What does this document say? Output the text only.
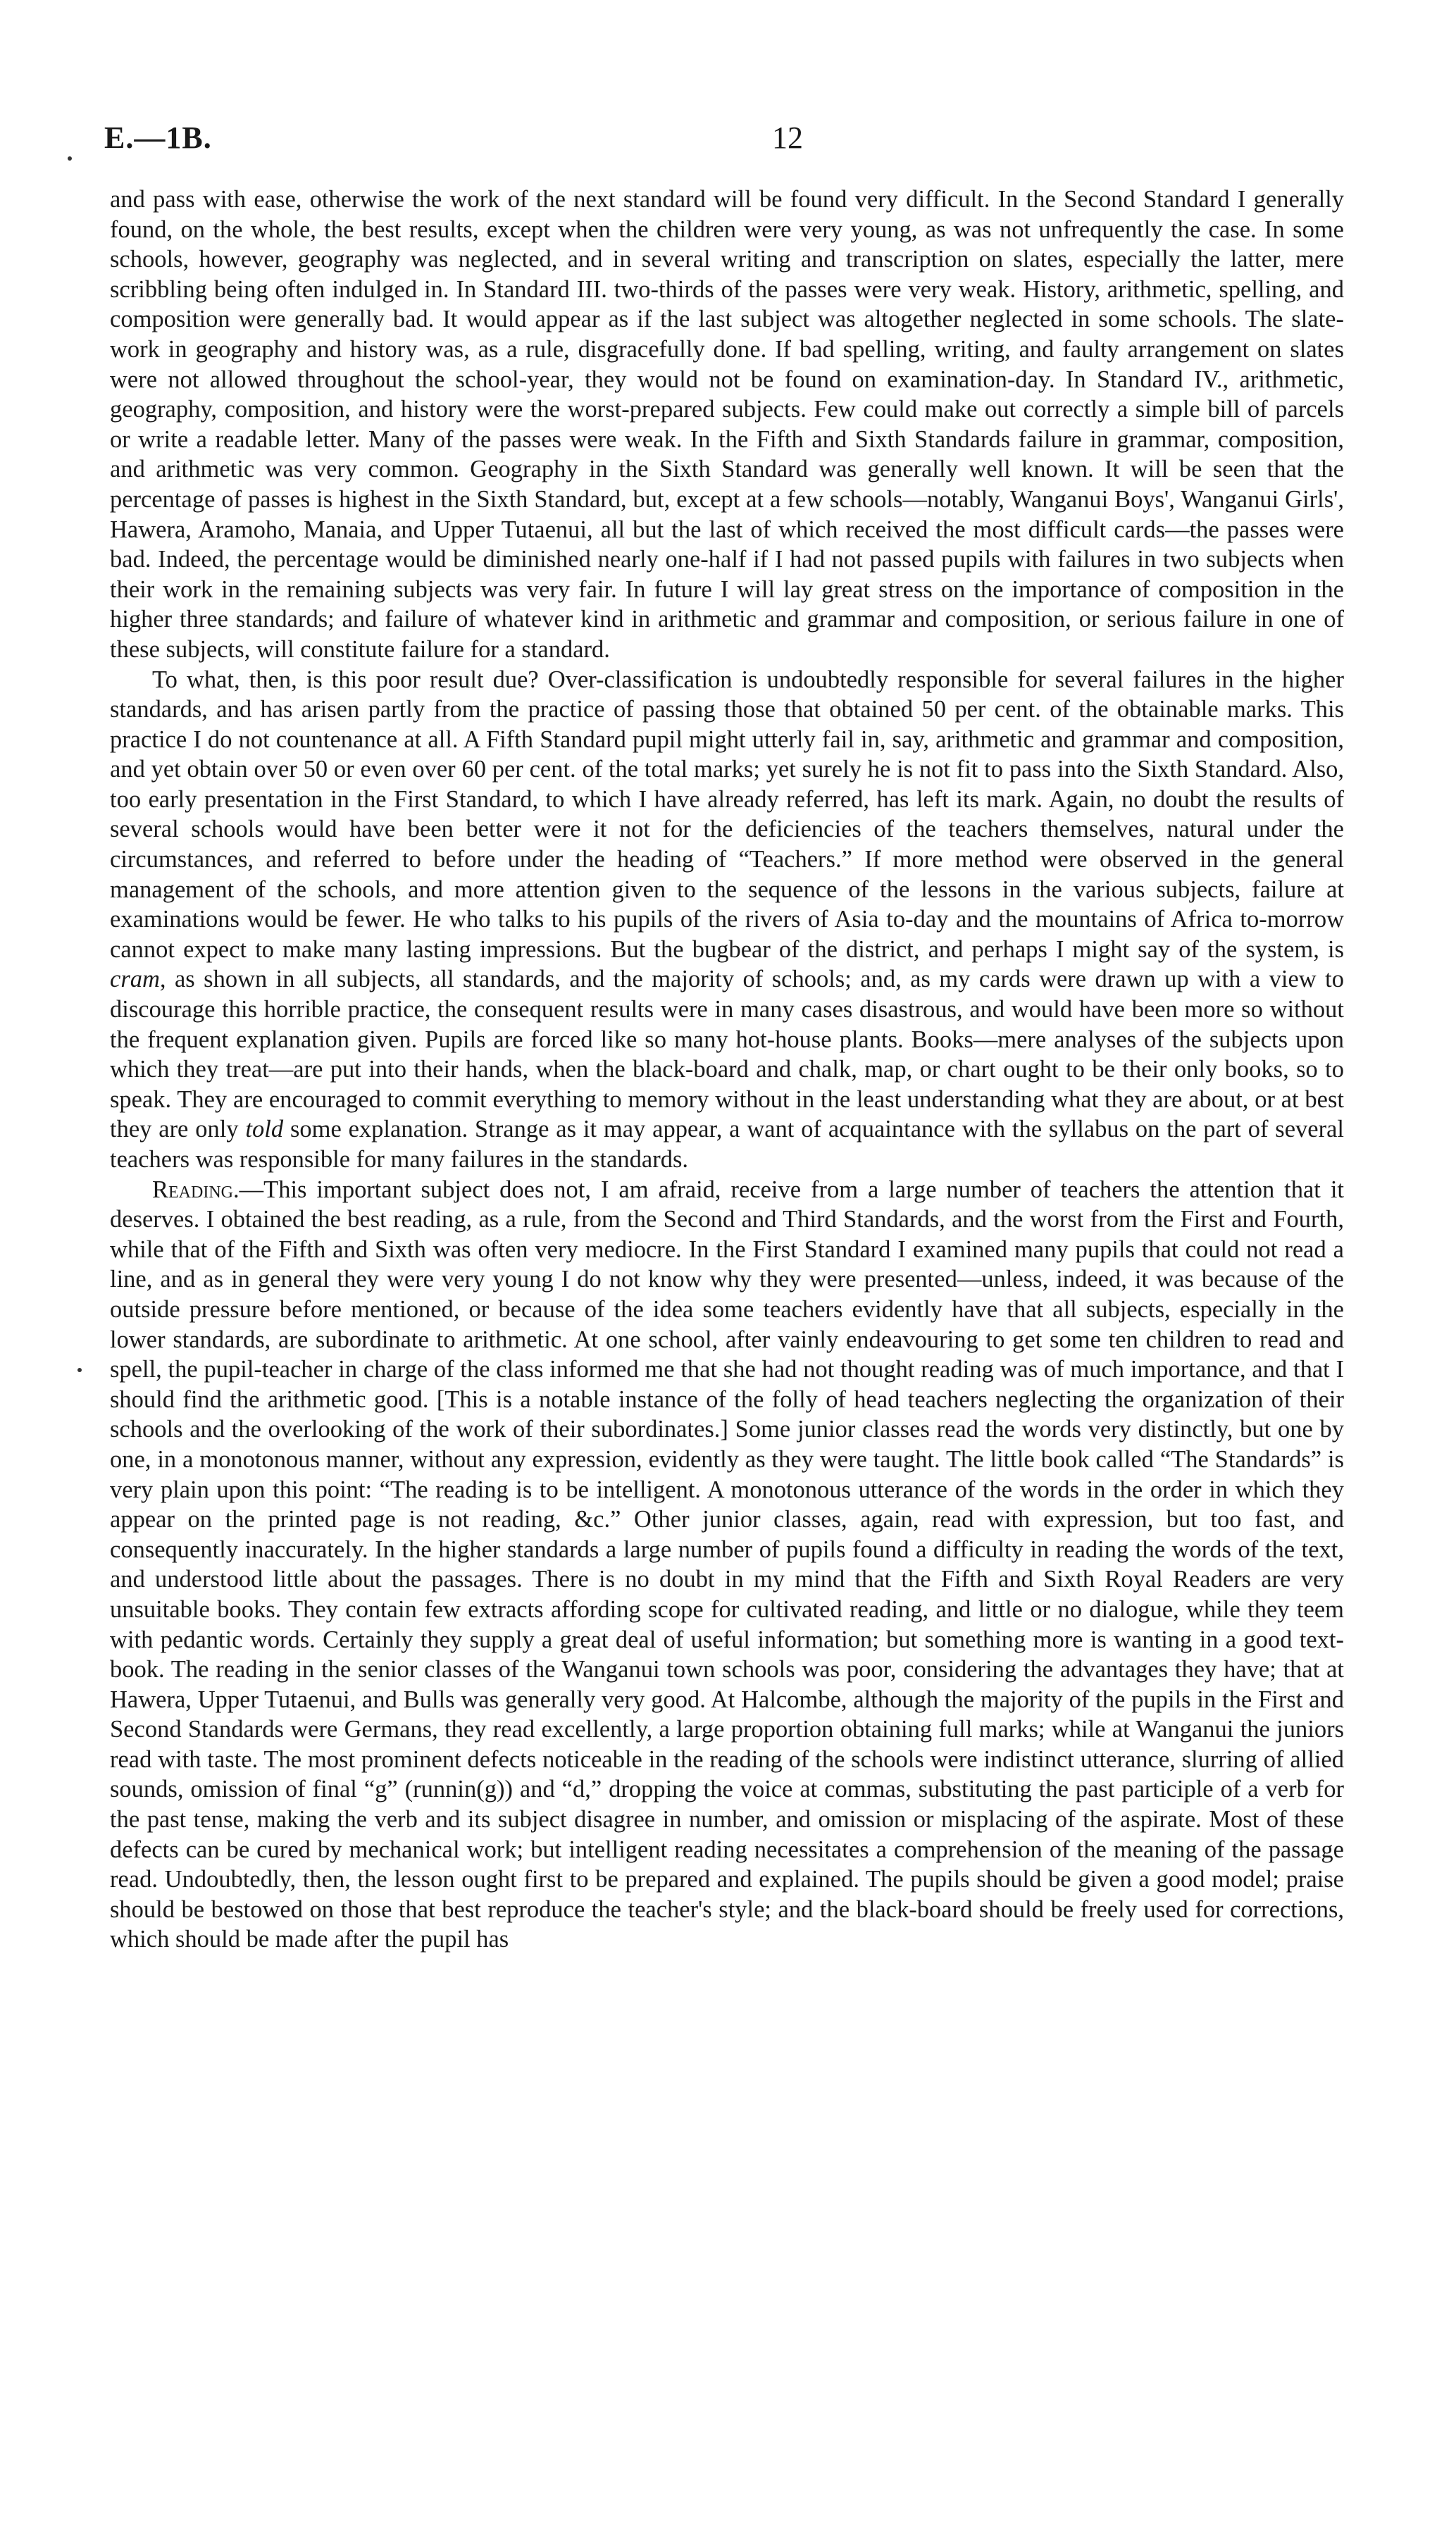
E.—1B.	12

and pass with ease, otherwise the work of the next standard will be found very difficult. In the Second Standard I generally found, on the whole, the best results, except when the children were very young, as was not unfrequently the case. In some schools, however, geography was neglected, and in several writing and transcription on slates, especially the latter, mere scribbling being often indulged in. In Standard III. two-thirds of the passes were very weak. History, arithmetic, spelling, and composition were generally bad. It would appear as if the last subject was altogether neglected in some schools. The slate-work in geography and history was, as a rule, disgracefully done. If bad spelling, writing, and faulty arrangement on slates were not allowed throughout the school-year, they would not be found on examination-day. In Standard IV., arithmetic, geography, composition, and history were the worst-prepared subjects. Few could make out correctly a simple bill of parcels or write a readable letter. Many of the passes were weak. In the Fifth and Sixth Standards failure in grammar, composition, and arithmetic was very common. Geography in the Sixth Standard was generally well known. It will be seen that the percentage of passes is highest in the Sixth Standard, but, except at a few schools—notably, Wanganui Boys', Wanganui Girls', Hawera, Aramoho, Manaia, and Upper Tutaenui, all but the last of which received the most difficult cards—the passes were bad. Indeed, the percentage would be diminished nearly one-half if I had not passed pupils with failures in two subjects when their work in the remaining subjects was very fair. In future I will lay great stress on the importance of composition in the higher three standards; and failure of whatever kind in arithmetic and grammar and composition, or serious failure in one of these subjects, will constitute failure for a standard.

To what, then, is this poor result due? Over-classification is undoubtedly responsible for several failures in the higher standards, and has arisen partly from the practice of passing those that obtained 50 per cent. of the obtainable marks. This practice I do not countenance at all. A Fifth Standard pupil might utterly fail in, say, arithmetic and grammar and composition, and yet obtain over 50 or even over 60 per cent. of the total marks; yet surely he is not fit to pass into the Sixth Standard. Also, too early presentation in the First Standard, to which I have already referred, has left its mark. Again, no doubt the results of several schools would have been better were it not for the deficiencies of the teachers themselves, natural under the circumstances, and referred to before under the heading of “Teachers.” If more method were observed in the general management of the schools, and more attention given to the sequence of the lessons in the various subjects, failure at examinations would be fewer. He who talks to his pupils of the rivers of Asia to-day and the mountains of Africa to-morrow cannot expect to make many lasting impressions. But the bugbear of the district, and perhaps I might say of the system, is cram, as shown in all subjects, all standards, and the majority of schools; and, as my cards were drawn up with a view to discourage this horrible practice, the consequent results were in many cases disastrous, and would have been more so without the frequent explanation given. Pupils are forced like so many hot-house plants. Books—mere analyses of the subjects upon which they treat—are put into their hands, when the black-board and chalk, map, or chart ought to be their only books, so to speak. They are encouraged to commit everything to memory without in the least understanding what they are about, or at best they are only told some explanation. Strange as it may appear, a want of acquaintance with the syllabus on the part of several teachers was responsible for many failures in the standards.

Reading.—This important subject does not, I am afraid, receive from a large number of teachers the attention that it deserves. I obtained the best reading, as a rule, from the Second and Third Standards, and the worst from the First and Fourth, while that of the Fifth and Sixth was often very mediocre. In the First Standard I examined many pupils that could not read a line, and as in general they were very young I do not know why they were presented—unless, indeed, it was because of the outside pressure before mentioned, or because of the idea some teachers evidently have that all subjects, especially in the lower standards, are subordinate to arithmetic. At one school, after vainly endeavouring to get some ten children to read and spell, the pupil-teacher in charge of the class informed me that she had not thought reading was of much importance, and that I should find the arithmetic good. [This is a notable instance of the folly of head teachers neglecting the organization of their schools and the overlooking of the work of their subordinates.] Some junior classes read the words very distinctly, but one by one, in a monotonous manner, without any expression, evidently as they were taught. The little book called “The Standards” is very plain upon this point: “The reading is to be intelligent. A monotonous utterance of the words in the order in which they appear on the printed page is not reading, &c.” Other junior classes, again, read with expression, but too fast, and consequently inaccurately. In the higher standards a large number of pupils found a difficulty in reading the words of the text, and understood little about the passages. There is no doubt in my mind that the Fifth and Sixth Royal Readers are very unsuitable books. They contain few extracts affording scope for cultivated reading, and little or no dialogue, while they teem with pedantic words. Certainly they supply a great deal of useful information; but something more is wanting in a good text-book. The reading in the senior classes of the Wanganui town schools was poor, considering the advantages they have; that at Hawera, Upper Tutaenui, and Bulls was generally very good. At Halcombe, although the majority of the pupils in the First and Second Standards were Germans, they read excellently, a large proportion obtaining full marks; while at Wanganui the juniors read with taste. The most prominent defects noticeable in the reading of the schools were indistinct utterance, slurring of allied sounds, omission of final “g” (runnin(g)) and “d,” dropping the voice at commas, substituting the past participle of a verb for the past tense, making the verb and its subject disagree in number, and omission or misplacing of the aspirate. Most of these defects can be cured by mechanical work; but intelligent reading necessitates a comprehension of the meaning of the passage read. Undoubtedly, then, the lesson ought first to be prepared and explained. The pupils should be given a good model; praise should be bestowed on those that best reproduce the teacher's style; and the black-board should be freely used for corrections, which should be made after the pupil has
